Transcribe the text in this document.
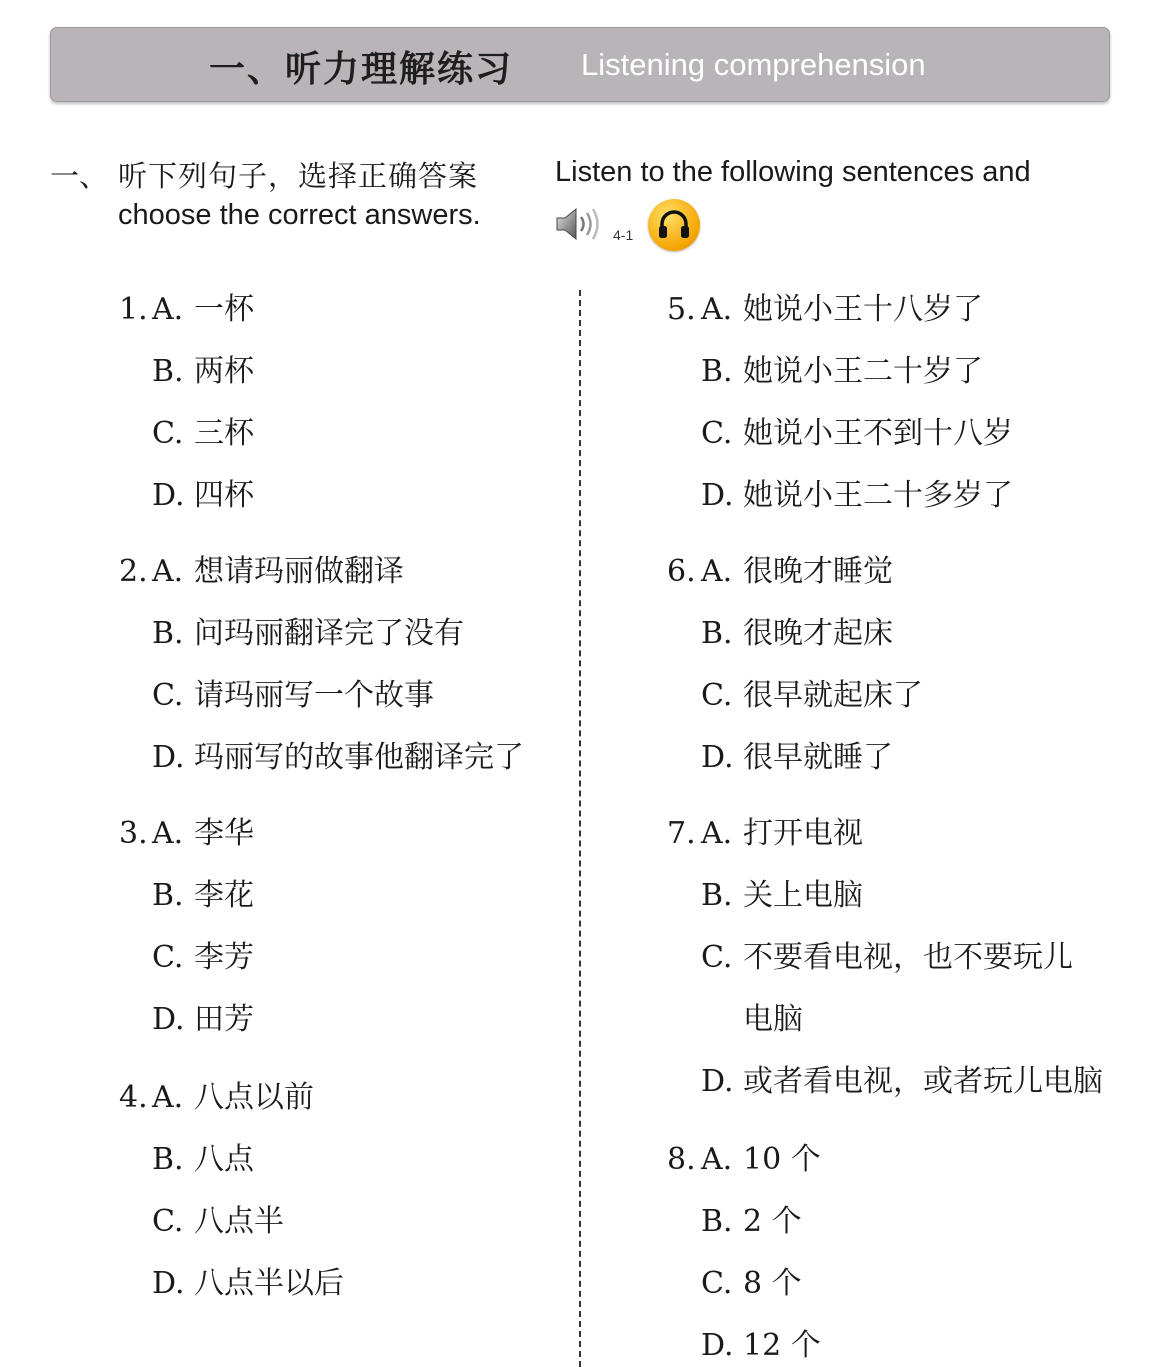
一、听力理解练习 Listening comprehension
一、 听下列句子，选择正确答案	Listen to the following sentences and
choose the correct answers.
4-1
1. A. 一杯
B. 两杯
C. 三杯
D. 四杯
2. A. 想请玛丽做翻译
B. 问玛丽翻译完了没有
C. 请玛丽写一个故事
D. 玛丽写的故事他翻译完了
3. A. 李华
B. 李花
C. 李芳
D. 田芳
4. A. 八点以前
B. 八点
C. 八点半
D. 八点半以后
5. A. 她说小王十八岁了
B. 她说小王二十岁了
C. 她说小王不到十八岁
D. 她说小王二十多岁了
6. A. 很晚才睡觉
B. 很晚才起床
C. 很早就起床了
D. 很早就睡了
7. A. 打开电视
B. 关上电脑
C. 不要看电视，也不要玩儿
电脑
D. 或者看电视，或者玩儿电脑
8. A. 10 个
B. 2 个
C. 8 个
D. 12 个
